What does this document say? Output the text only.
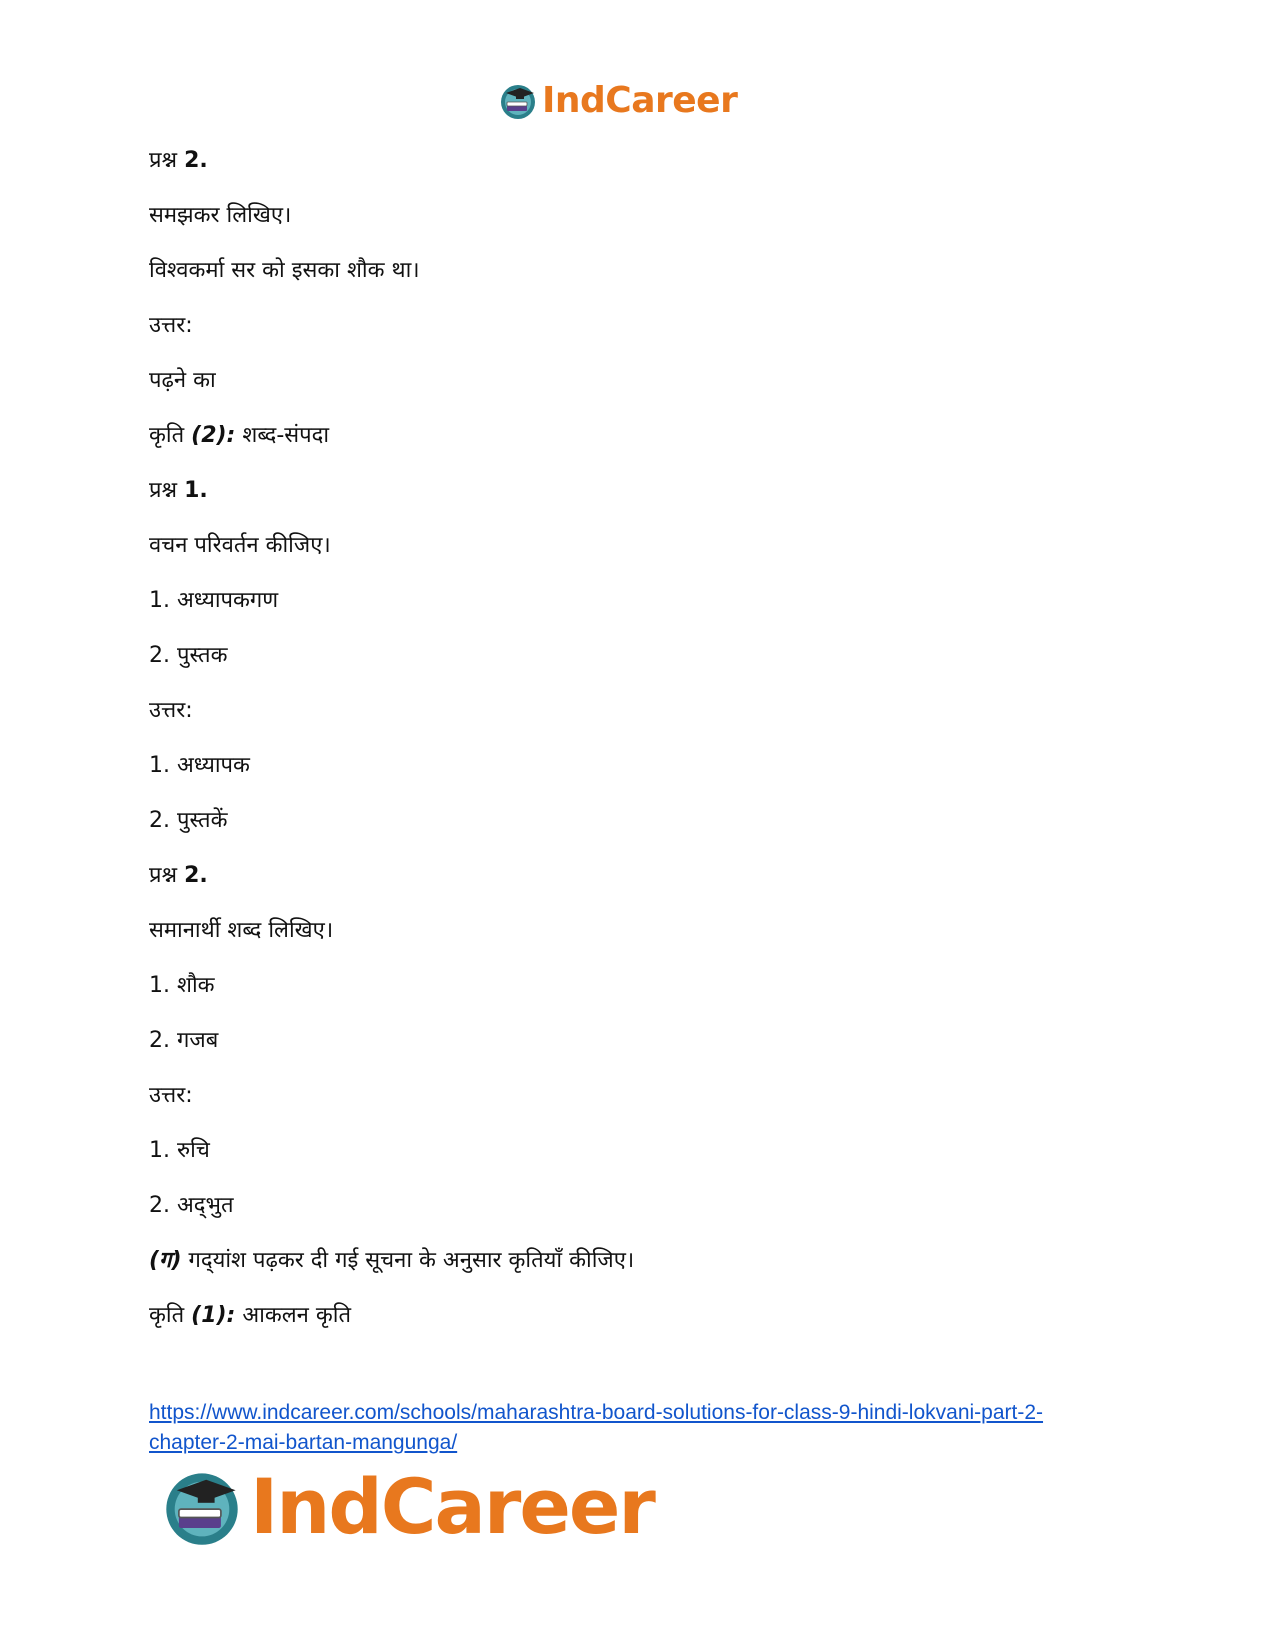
IndCareer
प्रश्न 2.
समझकर लिखिए।
विश्वकर्मा सर को इसका शौक था।
उत्तर:
पढ़ने का
कृति (2): शब्द-संपदा
प्रश्न 1.
वचन परिवर्तन कीजिए।
1. अध्यापकगण
2. पुस्तक
उत्तर:
1. अध्यापक
2. पुस्तकें
प्रश्न 2.
समानार्थी शब्द लिखिए।
1. शौक
2. गजब
उत्तर:
1. रुचि
2. अद्‌भुत
(ग) गद्‌यांश पढ़कर दी गई सूचना के अनुसार कृतियाँ कीजिए।
कृति (1): आकलन कृति
https://www.indcareer.com/schools/maharashtra-board-solutions-for-class-9-hindi-lokvani-part-2-
chapter-2-mai-bartan-mangunga/
IndCareer
